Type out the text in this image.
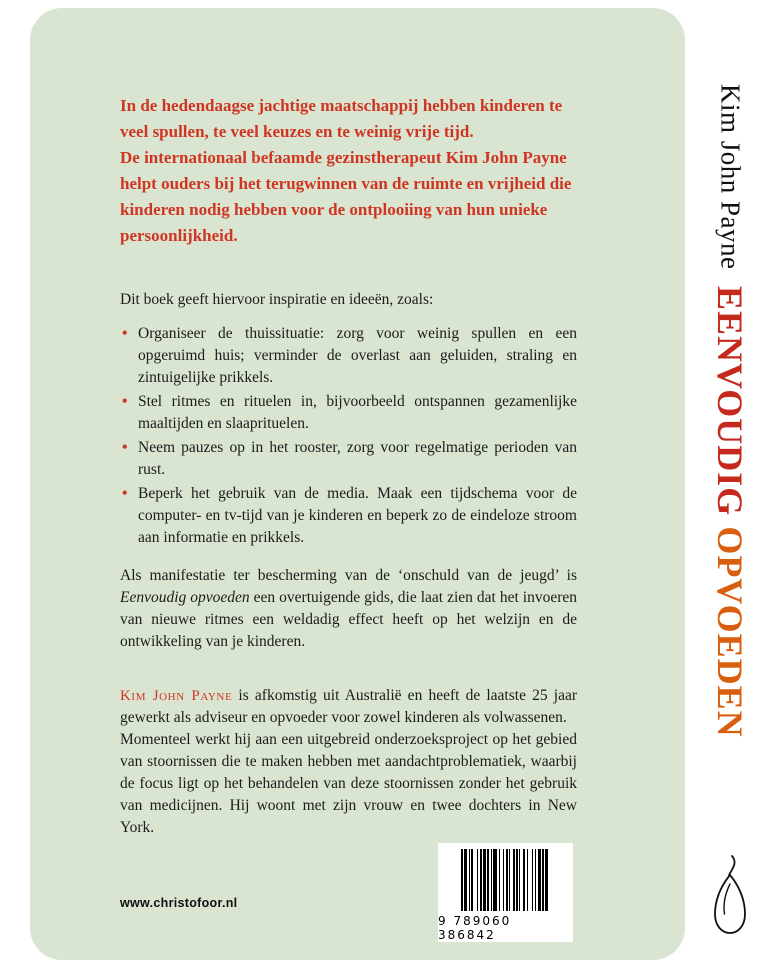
In de hedendaagse jachtige maatschappij hebben kinderen te veel spullen, te veel keuzes en te weinig vrije tijd.
De internationaal befaamde gezinstherapeut Kim John Payne helpt ouders bij het terugwinnen van de ruimte en vrijheid die kinderen nodig hebben voor de ontplooiing van hun unieke persoonlijkheid.

Dit boek geeft hiervoor inspiratie en ideeën, zoals:

• Organiseer de thuissituatie: zorg voor weinig spullen en een opgeruimd huis; verminder de overlast aan geluiden, straling en zintuigelijke prikkels.
• Stel ritmes en rituelen in, bijvoorbeeld ontspannen gezamenlijke maaltijden en slaaprituelen.
• Neem pauzes op in het rooster, zorg voor regelmatige perioden van rust.
• Beperk het gebruik van de media. Maak een tijdschema voor de computer- en tv-tijd van je kinderen en beperk zo de eindeloze stroom aan informatie en prikkels.

Als manifestatie ter bescherming van de ‘onschuld van de jeugd’ is Eenvoudig opvoeden een overtuigende gids, die laat zien dat het invoeren van nieuwe ritmes een weldadig effect heeft op het welzijn en de ontwikkeling van je kinderen.

Kim John Payne is afkomstig uit Australië en heeft de laatste 25 jaar gewerkt als adviseur en opvoeder voor zowel kinderen als volwassenen.

Momenteel werkt hij aan een uitgebreid onderzoeksproject op het gebied van stoornissen die te maken hebben met aandachtproblematiek, waarbij de focus ligt op het behandelen van deze stoornissen zonder het gebruik van medicijnen. Hij woont met zijn vrouw en twee dochters in New York.

www.christofoor.nl
9 789060 386842
Kim John Payne
EENVOUDIG OPVOEDEN
